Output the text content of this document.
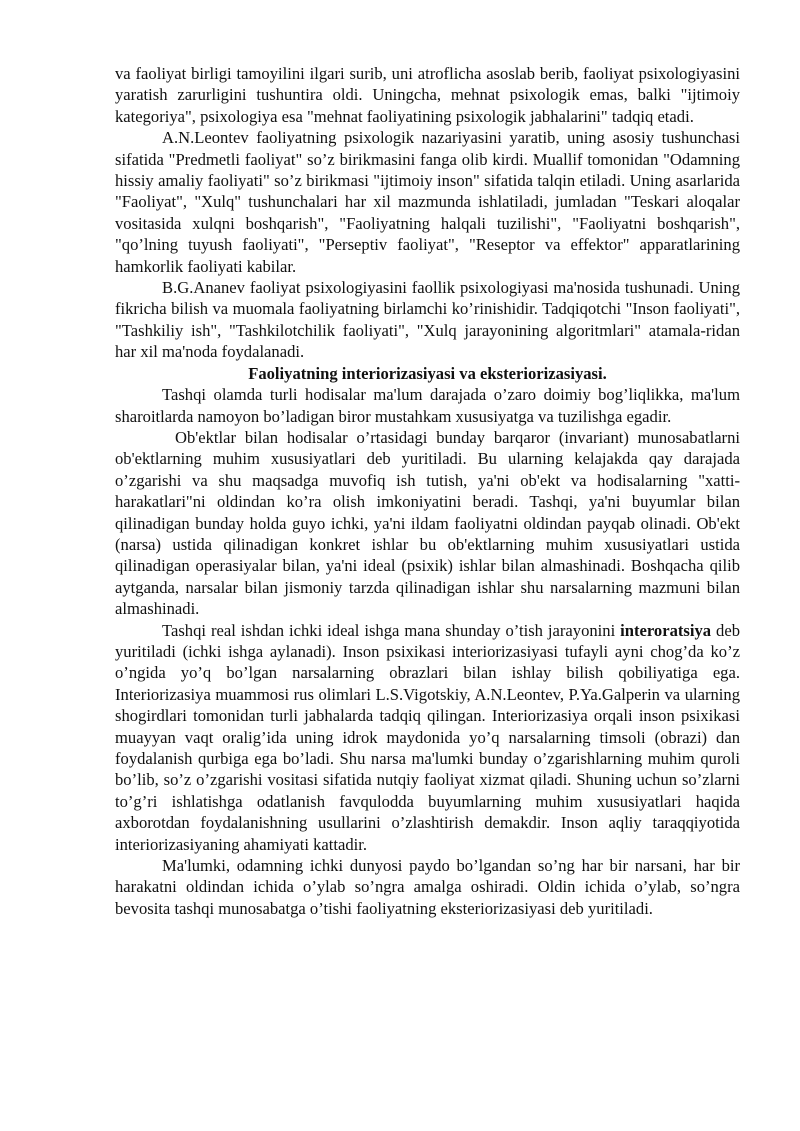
va faoliyat birligi tamoyilini ilgari surib, uni atroflicha asoslab berib, faoliyat psixologiyasini yaratish zarurligini tushuntira oldi. Uningcha, mehnat psixologik emas, balki "ijtimoiy kategoriya", psixologiya esa "mehnat faoliyatining psixologik jabhalarini" tadqiq etadi.

A.N.Leontev faoliyatning psixologik nazariyasini yaratib, uning asosiy tushunchasi sifatida "Predmetli faoliyat" so’z birikmasini fanga olib kirdi. Muallif tomonidan "Odamning hissiy amaliy faoliyati" so’z birikmasi "ijtimoiy inson" sifatida talqin etiladi. Uning asarlarida "Faoliyat", "Xulq" tushunchalari har xil mazmunda ishlatiladi, jumladan "Teskari aloqalar vositasida xulqni boshqarish", "Faoliyatning halqali tuzilishi", "Faoliyatni boshqarish", "qo’lning tuyush faoliyati", "Perseptiv faoliyat", "Reseptor va effektor" apparatlarining hamkorlik faoliyati kabilar.

B.G.Ananev faoliyat psixologiyasini faollik psixologiyasi ma'nosida tushunadi. Uning fikricha bilish va muomala faoliyatning birlamchi ko’rinishidir. Tadqiqotchi "Inson faoliyati", "Tashkiliy ish", "Tashkilotchilik faoliyati", "Xulq jarayonining algoritmlari" atamala-ridan har xil ma'noda foydalanadi.

Faoliyatning interiorizasiyasi va eksteriorizasiyasi.

Tashqi olamda turli hodisalar ma'lum darajada o’zaro doimiy bog’liqlikka, ma'lum sharoitlarda namoyon bo’ladigan biror mustahkam xususiyatga va tuzilishga egadir.

Ob'ektlar bilan hodisalar o’rtasidagi bunday barqaror (invariant) munosabatlarni ob'ektlarning muhim xususiyatlari deb yuritiladi. Bu ularning kelajakda qay darajada o’zgarishi va shu maqsadga muvofiq ish tutish, ya'ni ob'ekt va hodisalarning "xatti-harakatlari"ni oldindan ko’ra olish imkoniyatini beradi. Tashqi, ya'ni buyumlar bilan qilinadigan bunday holda guyo ichki, ya'ni ildam faoliyatni oldindan payqab olinadi. Ob'ekt (narsa) ustida qilinadigan konkret ishlar bu ob'ektlarning muhim xususiyatlari ustida qilinadigan operasiyalar bilan, ya'ni ideal (psixik) ishlar bilan almashinadi. Boshqacha qilib aytganda, narsalar bilan jismoniy tarzda qilinadigan ishlar shu narsalarning mazmuni bilan almashinadi.

Tashqi real ishdan ichki ideal ishga mana shunday o’tish jarayonini interoratsiya deb yuritiladi (ichki ishga aylanadi). Inson psixikasi interiorizasiyasi tufayli ayni chog’da ko’z o’ngida yo’q bo’lgan narsalarning obrazlari bilan ishlay bilish qobiliyatiga ega. Interiorizasiya muammosi rus olimlari L.S.Vigotskiy, A.N.Leontev, P.Ya.Galperin va ularning shogirdlari tomonidan turli jabhalarda tadqiq qilingan. Interiorizasiya orqali inson psixikasi muayyan vaqt oralig’ida uning idrok maydonida yo’q narsalarning timsoli (obrazi) dan foydalanish qurbiga ega bo’ladi. Shu narsa ma'lumki bunday o’zgarishlarning muhim quroli bo’lib, so’z o’zgarishi vositasi sifatida nutqiy faoliyat xizmat qiladi. Shuning uchun so’zlarni to’g’ri ishlatishga odatlanish favqulodda buyumlarning muhim xususiyatlari haqida axborotdan foydalanishning usullarini o’zlashtirish demakdir. Inson aqliy taraqqiyotida interiorizasiyaning ahamiyati kattadir.

Ma'lumki, odamning ichki dunyosi paydo bo’lgandan so’ng har bir narsani, har bir harakatni oldindan ichida o’ylab so’ngra amalga oshiradi. Oldin ichida o’ylab, so’ngra bevosita tashqi munosabatga o’tishi faoliyatning eksteriorizasiyasi deb yuritiladi.
